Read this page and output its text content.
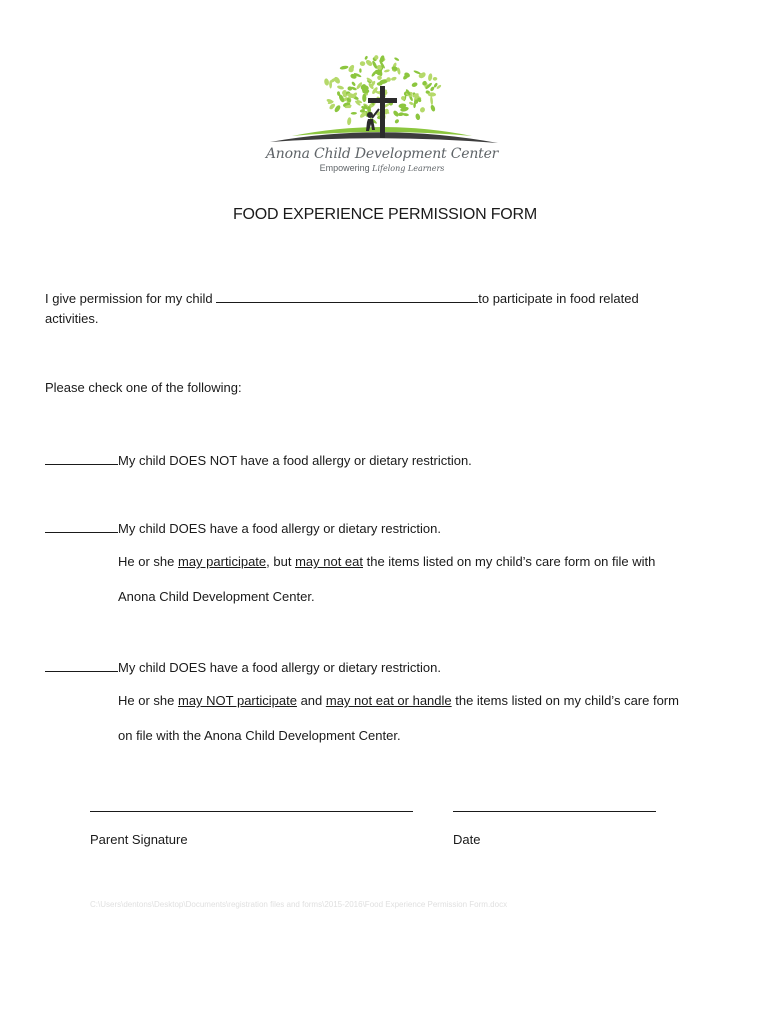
Anona Child Development Center
Empowering Lifelong Learners
FOOD EXPERIENCE PERMISSION FORM
I give permission for my child	to participate in food related
activities.
Please check one of the following:
My child DOES NOT have a food allergy or dietary restriction.
My child DOES have a food allergy or dietary restriction.
He or she may participate, but may not eat the items listed on my child’s care form on file with
Anona Child Development Center.
My child DOES have a food allergy or dietary restriction.
He or she may NOT participate and may not eat or handle the items listed on my child’s care form
on file with the Anona Child Development Center.
Parent Signature	Date
C:\Users\dentons\Desktop\Documents\registration files and forms\2015-2016\Food Experience Permission Form.docx
